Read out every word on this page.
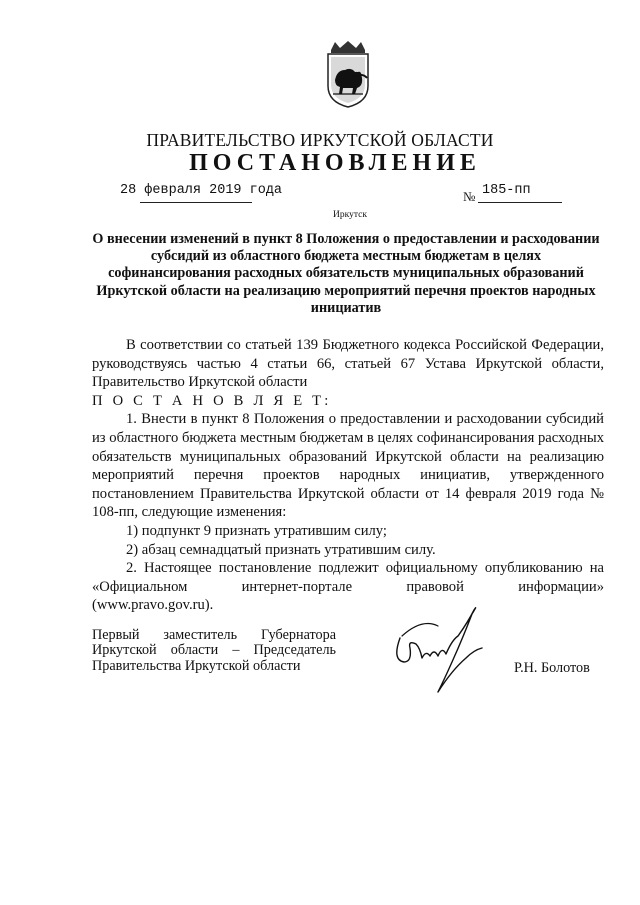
ПРАВИТЕЛЬСТВО ИРКУТСКОЙ ОБЛАСТИ
ПОСТАНОВЛЕНИЕ
28 февраля 2019 года	№ 185-пп
Иркутск
О внесении изменений в пункт 8 Положения о предоставлении и расходовании субсидий из областного бюджета местным бюджетам в целях софинансирования расходных обязательств муниципальных образований Иркутской области на реализацию мероприятий перечня проектов народных инициатив

В соответствии со статьей 139 Бюджетного кодекса Российской Федерации, руководствуясь частью 4 статьи 66, статьей 67 Устава Иркутской области, Правительство Иркутской области

П О С Т А Н О В Л Я Е Т:

1. Внести в пункт 8 Положения о предоставлении и расходовании субсидий из областного бюджета местным бюджетам в целях софинансирования расходных обязательств муниципальных образований Иркутской области на реализацию мероприятий перечня проектов народных инициатив, утвержденного постановлением Правительства Иркутской области от 14 февраля 2019 года № 108-пп, следующие изменения:

1) подпункт 9 признать утратившим силу;

2) абзац семнадцатый признать утратившим силу.

2. Настоящее постановление подлежит официальному опубликованию на «Официальном интернет-портале правовой информации»

(www.pravo.gov.ru).

Первый заместитель Губернатора
Иркутской области – Председатель
Правительства Иркутской области	Р.Н. Болотов
